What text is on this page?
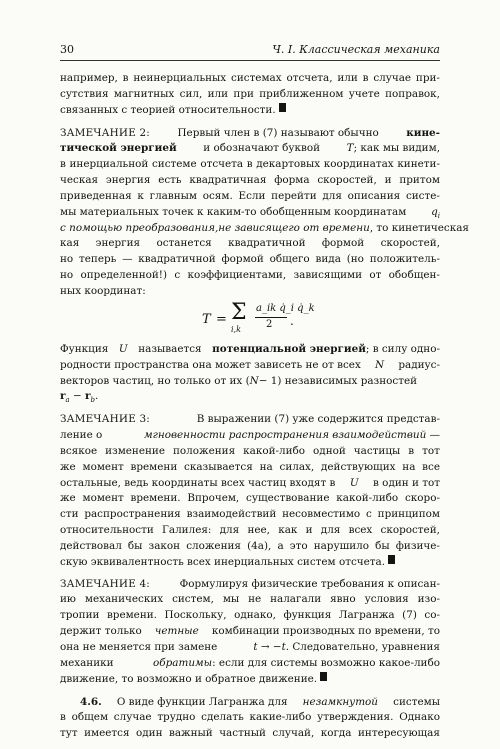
30	Ч. I. Классическая механика
например, в неинерциальных системах отсчета, или в случае при-
сутствия магнитных сил, или при приближенном учете поправок,
связанных с теорией относительности.
ЗАМЕЧАНИЕ 2:	Первый член в (7) называют обычно	кине-
тической энергией	и обозначают буквой	T; как мы видим,
в инерциальной системе отсчета в декартовых координатах кинети-
ческая энергия есть квадратичная форма скоростей, и притом
приведенная к главным осям. Если перейти для описания систе-
мы материальных точек к каким-то обобщенным координатам $q_i$
с помощью преобразования, не зависящего от времени , то кинетическая
кая энергия останется квадратичной формой скоростей,
но теперь — квадратичной формой общего вида (но положитель-
но определенной!) с коэффициентами, зависящими от обобщен-
ных координат:
T = Σ
i,k
a_ik q̇_i q̇_k
2 .
Функция U называется потенциальной энергией; в силу одно-
родности пространства она может зависеть не от всех N радиус-
векторов частиц, но только от их (N− 1) независимых разностей
$r_a - r_b$.
ЗАМЕЧАНИЕ 3:	В выражении (7) уже содержится представ-
ление о	мгновенности распространения взаимодействий —
всякое изменение положения какой-либо одной частицы в тот
же момент времени сказывается на силах, действующих на все
остальные, ведь координаты всех частиц входят в U в один и тот
же момент времени. Впрочем, существование какой-либо скоро-
сти распространения взаимодействий несовместимо с принципом
относительности Галилея: для нее, как и для всех скоростей,
действовал бы закон сложения (4а), а это нарушило бы физиче-
скую эквивалентность всех инерциальных систем отсчета.
ЗАМЕЧАНИЕ 4:	Формулируя физические требования к описан-
ию механических систем, мы не налагали явно условия изо-
тропии времени. Поскольку, однако, функция Лагранжа (7) со-
держит только четные комбинации производных по времени, то
она не меняется при замене	t → −t. Следовательно, уравнения
механики	обратимы: если для системы возможно какое-либо
движение, то возможно и обратное движение.
4.6. О виде функции Лагранжа для незамкнутой системы
в общем случае трудно сделать какие-либо утверждения. Однако
тут имеется один важный частный случай, когда интересующая
